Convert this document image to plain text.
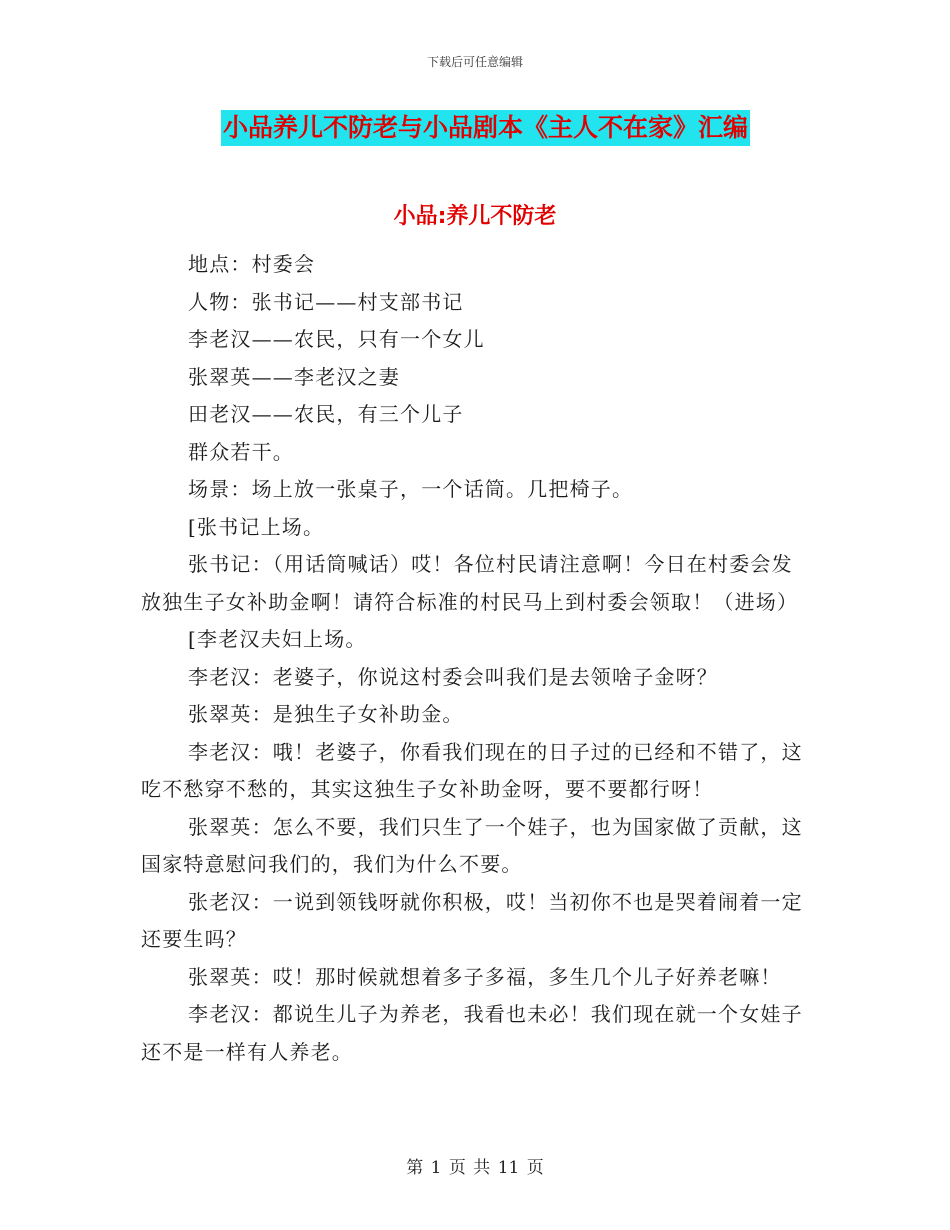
下载后可任意编辑
小品养儿不防老与小品剧本《主人不在家》汇编
小品:养儿不防老

地点：村委会

人物：张书记——村支部书记

李老汉——农民，只有一个女儿

张翠英——李老汉之妻

田老汉——农民，有三个儿子

群众若干。

场景：场上放一张桌子，一个话筒。几把椅子。

[张书记上场。

张书记：（用话筒喊话）哎！各位村民请注意啊！今日在村委会发放独生子女补助金啊！请符合标准的村民马上到村委会领取！（进场）

[李老汉夫妇上场。

李老汉：老婆子，你说这村委会叫我们是去领啥子金呀？

张翠英：是独生子女补助金。

李老汉：哦！老婆子，你看我们现在的日子过的已经和不错了，这吃不愁穿不愁的，其实这独生子女补助金呀，要不要都行呀！

张翠英：怎么不要，我们只生了一个娃子，也为国家做了贡献，这国家特意慰问我们的，我们为什么不要。

张老汉：一说到领钱呀就你积极，哎！当初你不也是哭着闹着一定还要生吗？

张翠英：哎！那时候就想着多子多福，多生几个儿子好养老嘛！

李老汉：都说生儿子为养老，我看也未必！我们现在就一个女娃子还不是一样有人养老。

第 1 页 共 11 页
